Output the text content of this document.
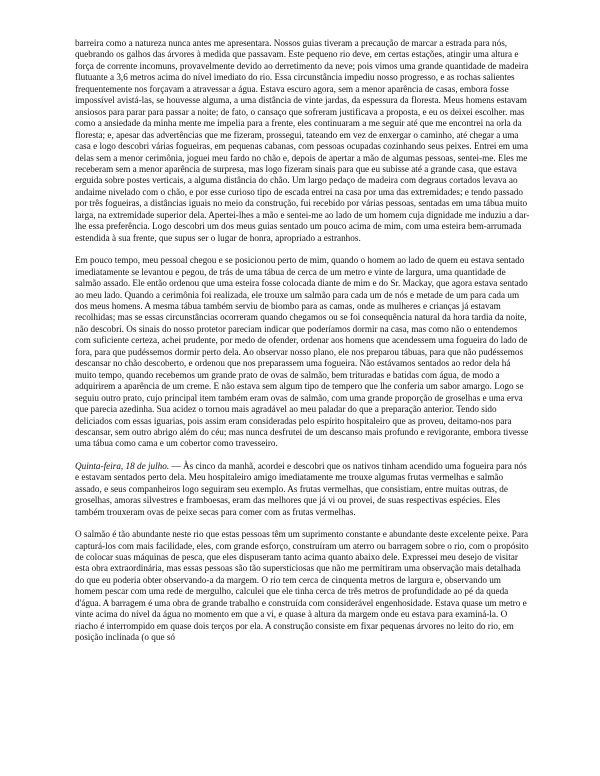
barreira como a natureza nunca antes me apresentara. Nossos guias tiveram a precaução de marcar a estrada para nós, quebrando os galhos das árvores à medida que passavam. Este pequeno rio deve, em certas estações, atingir uma altura e força de corrente incomuns, provavelmente devido ao derretimento da neve; pois vimos uma grande quantidade de madeira flutuante a 3,6 metros acima do nível imediato do rio. Essa circunstância impediu nosso progresso, e as rochas salientes frequentemente nos forçavam a atravessar a água. Estava escuro agora, sem a menor aparência de casas, embora fosse impossível avistá-las, se houvesse alguma, a uma distância de vinte jardas, da espessura da floresta. Meus homens estavam ansiosos para parar para passar a noite; de fato, o cansaço que sofreram justificava a proposta, e eu os deixei escolher. mas como a ansiedade da minha mente me impelia para a frente, eles continuaram a me seguir até que me encontrei na orla da floresta; e, apesar das advertências que me fizeram, prossegui, tateando em vez de enxergar o caminho, até chegar a uma casa e logo descobri várias fogueiras, em pequenas cabanas, com pessoas ocupadas cozinhando seus peixes. Entrei em uma delas sem a menor cerimônia, joguei meu fardo no chão e, depois de apertar a mão de algumas pessoas, sentei-me. Eles me receberam sem a menor aparência de surpresa, mas logo fizeram sinais para que eu subisse até a grande casa, que estava erguida sobre postes verticais, a alguma distância do chão. Um largo pedaço de madeira com degraus cortados levava ao andaime nivelado com o chão, e por esse curioso tipo de escada entrei na casa por uma das extremidades; e tendo passado por três fogueiras, a distâncias iguais no meio da construção, fui recebido por várias pessoas, sentadas em uma tábua muito larga, na extremidade superior dela. Apertei-lhes a mão e sentei-me ao lado de um homem cuja dignidade me induziu a dar-lhe essa preferência. Logo descobri um dos meus guias sentado um pouco acima de mim, com uma esteira bem-arrumada estendida à sua frente, que supus ser o lugar de honra, apropriado a estranhos.

Em pouco tempo, meu pessoal chegou e se posicionou perto de mim, quando o homem ao lado de quem eu estava sentado imediatamente se levantou e pegou, de trás de uma tábua de cerca de um metro e vinte de largura, uma quantidade de salmão assado. Ele então ordenou que uma esteira fosse colocada diante de mim e do Sr. Mackay, que agora estava sentado ao meu lado. Quando a cerimônia foi realizada, ele trouxe um salmão para cada um de nós e metade de um para cada um dos meus homens. A mesma tábua também serviu de biombo para as camas, onde as mulheres e crianças já estavam recolhidas; mas se essas circunstâncias ocorreram quando chegamos ou se foi consequência natural da hora tardia da noite, não descobri. Os sinais do nosso protetor pareciam indicar que poderíamos dormir na casa, mas como não o entendemos com suficiente certeza, achei prudente, por medo de ofender, ordenar aos homens que acendessem uma fogueira do lado de fora, para que pudéssemos dormir perto dela. Ao observar nosso plano, ele nos preparou tábuas, para que não pudéssemos descansar no chão descoberto, e ordenou que nos preparassem uma fogueira. Não estávamos sentados ao redor dela há muito tempo, quando recebemos um grande prato de ovas de salmão, bem trituradas e batidas com água, de modo a adquirirem a aparência de um creme. E não estava sem algum tipo de tempero que lhe conferia um sabor amargo. Logo se seguiu outro prato, cujo principal item também eram ovas de salmão, com uma grande proporção de groselhas e uma erva que parecia azedinha. Sua acidez o tornou mais agradável ao meu paladar do que a preparação anterior. Tendo sido deliciados com essas iguarias, pois assim eram consideradas pelo espírito hospitaleiro que as proveu, deitamo-nos para descansar, sem outro abrigo além do céu; mas nunca desfrutei de um descanso mais profundo e revigorante, embora tivesse uma tábua como cama e um cobertor como travesseiro.

Quinta-feira, 18 de julho. — Às cinco da manhã, acordei e descobri que os nativos tinham acendido uma fogueira para nós e estavam sentados perto dela. Meu hospitaleiro amigo imediatamente me trouxe algumas frutas vermelhas e salmão assado, e seus companheiros logo seguiram seu exemplo. As frutas vermelhas, que consistiam, entre muitas outras, de groselhas, amoras silvestres e framboesas, eram das melhores que já vi ou provei, de suas respectivas espécies. Eles também trouxeram ovas de peixe secas para comer com as frutas vermelhas.

O salmão é tão abundante neste rio que estas pessoas têm um suprimento constante e abundante deste excelente peixe. Para capturá-los com mais facilidade, eles, com grande esforço, construíram um aterro ou barragem sobre o rio, com o propósito de colocar suas máquinas de pesca, que eles dispuseram tanto acima quanto abaixo dele. Expressei meu desejo de visitar esta obra extraordinária, mas essas pessoas são tão supersticiosas que não me permitiram uma observação mais detalhada do que eu poderia obter observando-a da margem. O rio tem cerca de cinquenta metros de largura e, observando um homem pescar com uma rede de mergulho, calculei que ele tinha cerca de três metros de profundidade ao pé da queda d'água. A barragem é uma obra de grande trabalho e construída com considerável engenhosidade. Estava quase um metro e vinte acima do nível da água no momento em que a vi, e quase à altura da margem onde eu estava para examiná-la. O riacho é interrompido em quase dois terços por ela. A construção consiste em fixar pequenas árvores no leito do rio, em posição inclinada (o que só
